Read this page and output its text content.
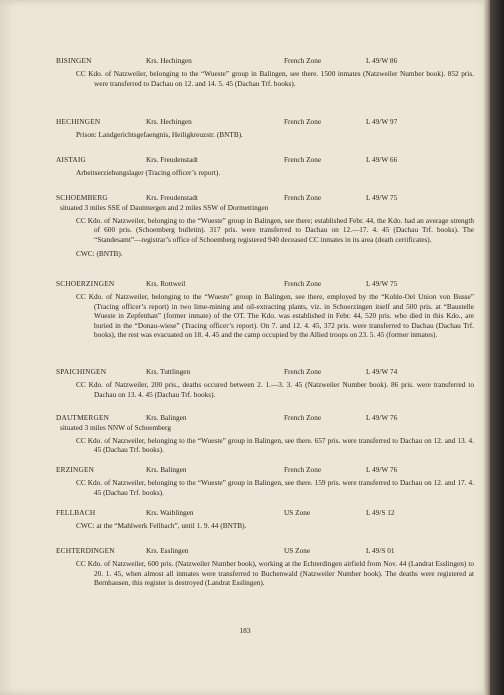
BISINGEN	Krs. Hechingen	French Zone	L 49/W 86
CC Kdo. of Natzweiler, belonging to the “Wueste” group in Balingen, see there. 1500 inmates (Natzweiler Number book). 852 pris. were transferred to Dachau on 12. and 14. 5. 45 (Dachau Trf. books).
HECHINGEN	Krs. Hechingen	French Zone	L 49/W 97
Prison: Landgerichtsgefaengnis, Heiligkreuzstr. (BNTB).
AISTAIG	Krs. Freudenstadt	French Zone	L 49/W 66
Arbeitserziehungslager (Tracing officer’s report).
SCHOEMBERG	Krs. Freudenstadt	French Zone	L 49/W 75
situated 3 miles SSE of Dautmergen and 2 miles SSW of Dormettingen
CC Kdo. of Natzweiler, belonging to the “Wueste” group in Balingen, see there; established Febr. 44, the Kdo. had an average strength of 600 pris. (Schoemberg bulletin). 317 pris. were transferred to Dachau on 12.—17. 4. 45 (Dachau Trf. books). The “Standesamt”—registrar’s office of Schoemberg registered 940 deceased CC inmates in its area (death certificates).
CWC: (BNTB).
SCHOERZINGEN	Krs. Rottweil	French Zone	L 49/W 75
CC Kdo. of Natzweiler, belonging to the “Wueste” group in Balingen, see there, employed by the “Kohle-Oel Union von Busse” (Tracing officer’s report) in two lime-mining and oil-extracting plants, viz. in Schoerzingen itself and 500 pris. at “Baustelle Wueste in Zepfenhan” (former inmate) of the OT. The Kdo. was established in Febr. 44, 520 pris. who died in this Kdo., are buried in the “Donau-wiese” (Tracing officer’s report). On 7. and 12. 4. 45, 372 pris. were transferred to Dachau (Dachau Trf. books), the rest was evacuated on 18. 4. 45 and the camp occupied by the Allied troops on 23. 5. 45 (former inmates).
SPAICHINGEN	Krs. Tuttlingen	French Zone	L 49/W 74
CC Kdo. of Natzweiler, 200 pris., deaths occured between 2. 1.—3. 3. 45 (Natzweiler Number book). 86 pris. were transferred to Dachau on 13. 4. 45 (Dachau Trf. books).
DAUTMERGEN	Krs. Balingen	French Zone	L 49/W 76
situated 3 miles NNW of Schoemberg
CC Kdo. of Natzweiler, belonging to the “Wueste” group in Balingen, see there. 657 pris. were transferred to Dachau on 12. and 13. 4. 45 (Dachau Trf. books).
ERZINGEN	Krs. Balingen	French Zone	L 49/W 76
CC Kdo. of Natzweiler, belonging to the “Wueste” group in Balingen, see there. 159 pris. were transferred to Dachau on 12. and 17. 4. 45 (Dachau Trf. books).
FELLBACH	Krs. Waiblingen	US Zone	L 49/S 12
CWC: at the “Mahlwerk Fellbach”, until 1. 9. 44 (BNTB).
ECHTERDINGEN	Krs. Esslingen	US Zone	L 49/S 01
CC Kdo. of Natzweiler, 600 pris. (Natzweiler Number book), working at the Echterdingen airfield from Nov. 44 (Landrat Esslingen) to 20. 1. 45, when almost all inmates were transferred to Buchenwald (Natzweiler Number book). The deaths were registered at Bernhausen, this register is destroyed (Landrat Esslingen).
183
